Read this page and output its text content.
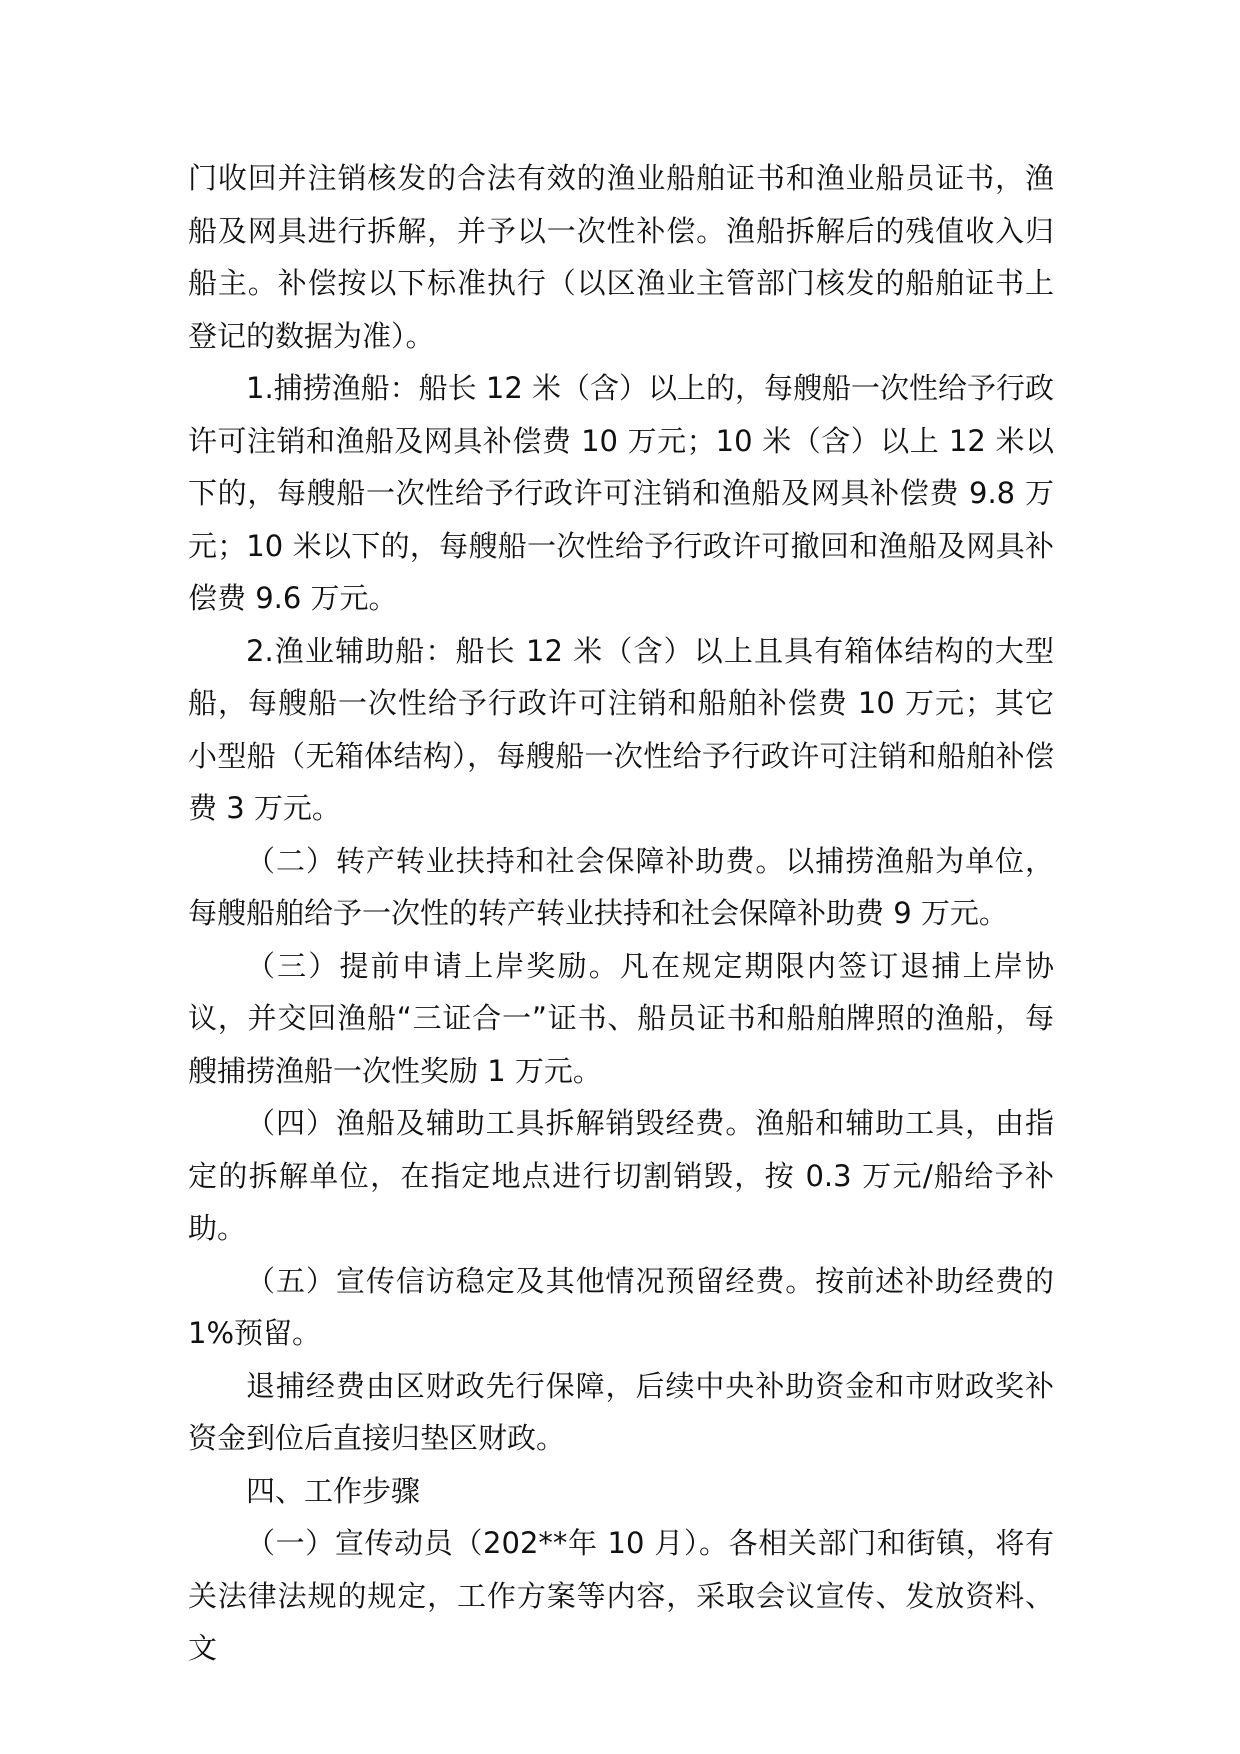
门收回并注销核发的合法有效的渔业船舶证书和渔业船员证书，渔船及网具进行拆解，并予以一次性补偿。渔船拆解后的残值收入归船主。补偿按以下标准执行（以区渔业主管部门核发的船舶证书上登记的数据为准）。

1.捕捞渔船：船长 12 米（含）以上的，每艘船一次性给予行政许可注销和渔船及网具补偿费 10 万元；10 米（含）以上 12 米以下的，每艘船一次性给予行政许可注销和渔船及网具补偿费 9.8 万元；10 米以下的，每艘船一次性给予行政许可撤回和渔船及网具补偿费 9.6 万元。

2.渔业辅助船：船长 12 米（含）以上且具有箱体结构的大型船，每艘船一次性给予行政许可注销和船舶补偿费 10 万元；其它小型船（无箱体结构），每艘船一次性给予行政许可注销和船舶补偿费 3 万元。

（二）转产转业扶持和社会保障补助费。以捕捞渔船为单位，每艘船舶给予一次性的转产转业扶持和社会保障补助费 9 万元。

（三）提前申请上岸奖励。凡在规定期限内签订退捕上岸协议，并交回渔船“三证合一”证书、船员证书和船舶牌照的渔船，每艘捕捞渔船一次性奖励 1 万元。

（四）渔船及辅助工具拆解销毁经费。渔船和辅助工具，由指定的拆解单位，在指定地点进行切割销毁，按 0.3 万元/船给予补助。

（五）宣传信访稳定及其他情况预留经费。按前述补助经费的1%预留。

退捕经费由区财政先行保障，后续中央补助资金和市财政奖补资金到位后直接归垫区财政。

四、工作步骤

（一）宣传动员（202**年 10 月）。各相关部门和街镇，将有关法律法规的规定，工作方案等内容，采取会议宣传、发放资料、文
